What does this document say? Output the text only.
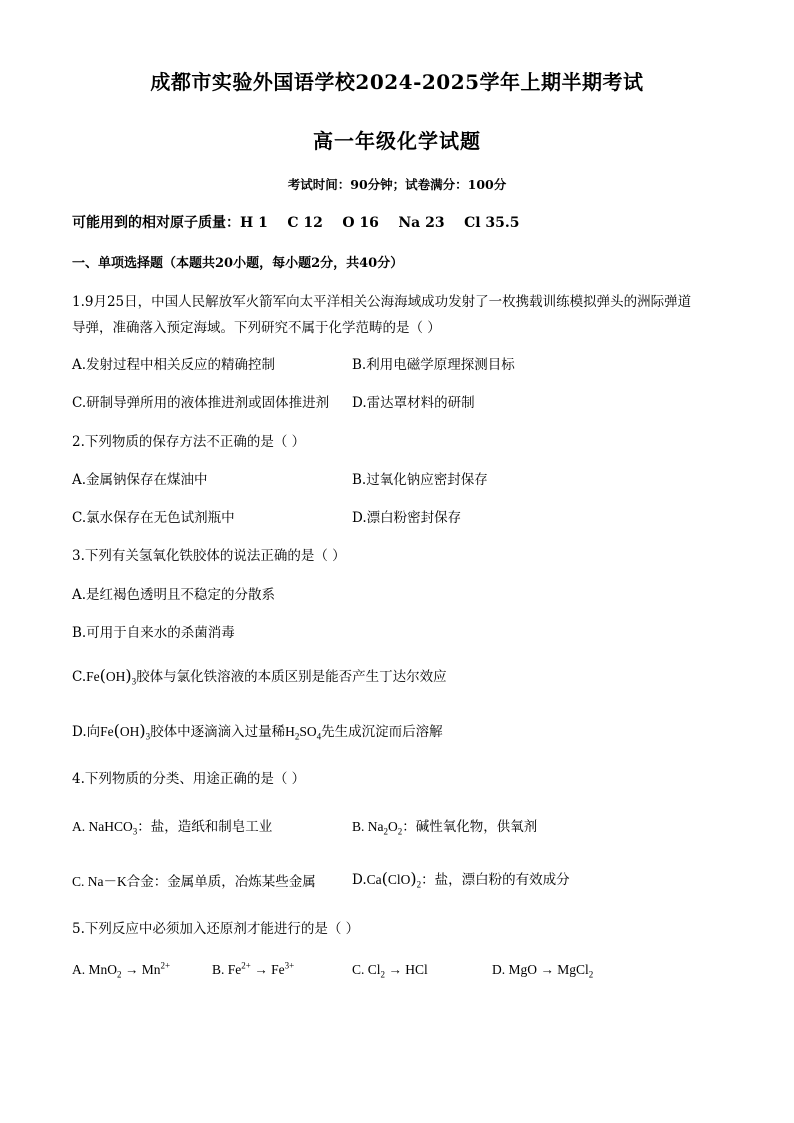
成都市实验外国语学校2024-2025学年上期半期考试
高一年级化学试题
考试时间：90分钟；试卷满分：100分
可能用到的相对原子质量：H 1    C 12    O 16    Na 23    Cl 35.5
一、单项选择题（本题共20小题，每小题2分，共40分）
1.9月25日，中国人民解放军火箭军向太平洋相关公海海域成功发射了一枚携载训练模拟弹头的洲际弹道
导弹，准确落入预定海域。下列研究不属于化学范畴的是（ ）
A.发射过程中相关反应的精确控制	B.利用电磁学原理探测目标
C.研制导弹所用的液体推进剂或固体推进剂 D.雷达罩材料的研制
2.下列物质的保存方法不正确的是（ ）
A.金属钠保存在煤油中	B.过氧化钠应密封保存
C.氯水保存在无色试剂瓶中	D.漂白粉密封保存
3.下列有关氢氧化铁胶体的说法正确的是（ ）
A.是红褐色透明且不稳定的分散系
B.可用于自来水的杀菌消毒
$C.Fe(OH)_3$胶体与氯化铁溶液的本质区别是能否产生丁达尔效应
D.向$Fe(OH)_3$胶体中逐滴滴入过量稀$H_2SO_4$先生成沉淀而后溶解
4.下列物质的分类、用途正确的是（ ）
A. NaHCO$_3$：盐，造纸和制皂工业	B. $Na_2O_2$：碱性氧化物，供氧剂
C. Na－K合金：金属单质，冶炼某些金属	$D.Ca(ClO)_2$：盐，漂白粉的有效成分
5.下列反应中必须加入还原剂才能进行的是（ ）
A. $MnO_2 \to Mn^{2+}$	B. $Fe^{2+} \to Fe^{3+}$	C. $Cl_2$ → HCl	D. MgO → MgCl$_2$
